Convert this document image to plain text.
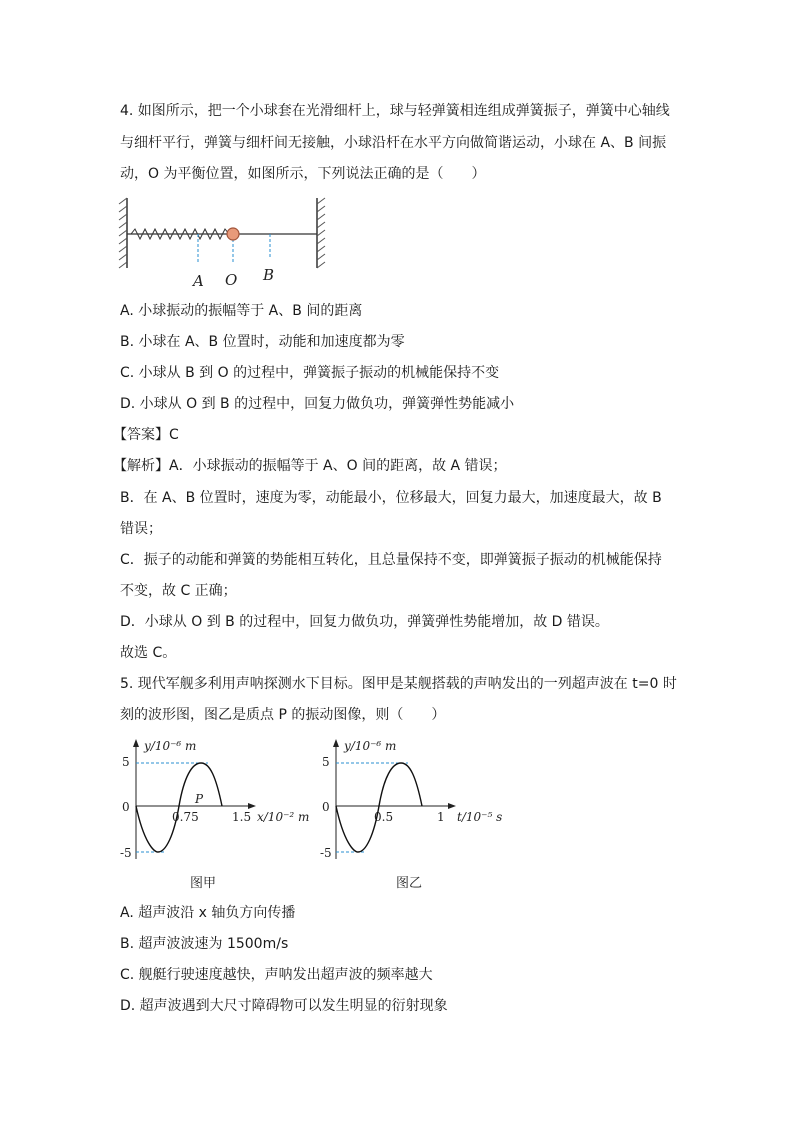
4. 如图所示，把一个小球套在光滑细杆上，球与轻弹簧相连组成弹簧振子，弹簧中心轴线
与细杆平行，弹簧与细杆间无接触，小球沿杆在水平方向做简谐运动，小球在 A、B 间振
动，O 为平衡位置，如图所示，下列说法正确的是（　　）
A O B
A. 小球振动的振幅等于 A、B 间的距离
B. 小球在 A、B 位置时，动能和加速度都为零
C. 小球从 B 到 O 的过程中，弹簧振子振动的机械能保持不变
D. 小球从 O 到 B 的过程中，回复力做负功，弹簧弹性势能减小
【答案】C
【解析】A．小球振动的振幅等于 A、O 间的距离，故 A 错误；
B．在 A、B 位置时，速度为零，动能最小，位移最大，回复力最大，加速度最大，故 B
错误；
C．振子的动能和弹簧的势能相互转化，且总量保持不变，即弹簧振子振动的机械能保持
不变，故 C 正确；
D．小球从 O 到 B 的过程中，回复力做负功，弹簧弹性势能增加，故 D 错误。
故选 C。
5. 现代军舰多利用声呐探测水下目标。图甲是某舰搭载的声呐发出的一列超声波在 t=0 时
刻的波形图，图乙是质点 P 的振动图像，则（　　）
y/10⁻⁶ m
x/10⁻² m
5
0
-5
0.75	1.5
P
图甲
y/10⁻⁶ m
t/10⁻⁵ s
5
0
-5
0.5	1
图乙
A. 超声波沿 x 轴负方向传播
B. 超声波波速为 1500m/s
C. 舰艇行驶速度越快，声呐发出超声波的频率越大
D. 超声波遇到大尺寸障碍物可以发生明显的衍射现象
